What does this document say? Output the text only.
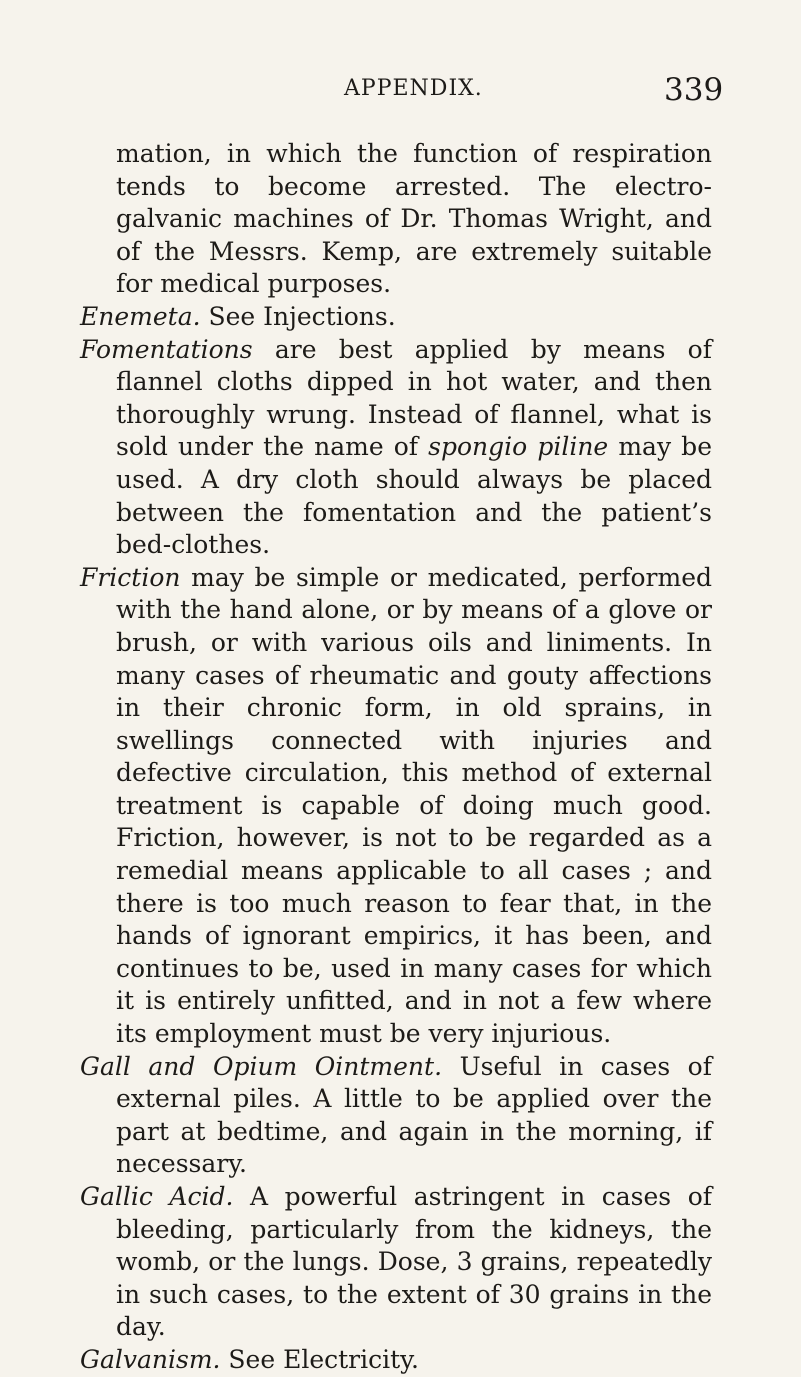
APPENDIX.	339

mation, in which the function of respiration tends to become arrested. The electro-galvanic machines of Dr. Thomas Wright, and of the Messrs. Kemp, are extremely suitable for medical purposes.

Enemeta. See Injections.

Fomentations are best applied by means of flannel cloths dipped in hot water, and then thoroughly wrung. Instead of flannel, what is sold under the name of spongio piline may be used. A dry cloth should always be placed between the fomentation and the patient’s bed-clothes.

Friction may be simple or medicated, performed with the hand alone, or by means of a glove or brush, or with various oils and liniments. In many cases of rheumatic and gouty affections in their chronic form, in old sprains, in swellings connected with injuries and defective circulation, this method of external treatment is capable of doing much good. Friction, however, is not to be regarded as a remedial means applicable to all cases ; and there is too much reason to fear that, in the hands of ignorant empirics, it has been, and continues to be, used in many cases for which it is entirely unfitted, and in not a few where its employment must be very injurious.

Gall and Opium Ointment. Useful in cases of external piles. A little to be applied over the part at bedtime, and again in the morning, if necessary.

Gallic Acid. A powerful astringent in cases of bleeding, particularly from the kidneys, the womb, or the lungs. Dose, 3 grains, repeatedly in such cases, to the extent of 30 grains in the day.

Galvanism. See Electricity.
